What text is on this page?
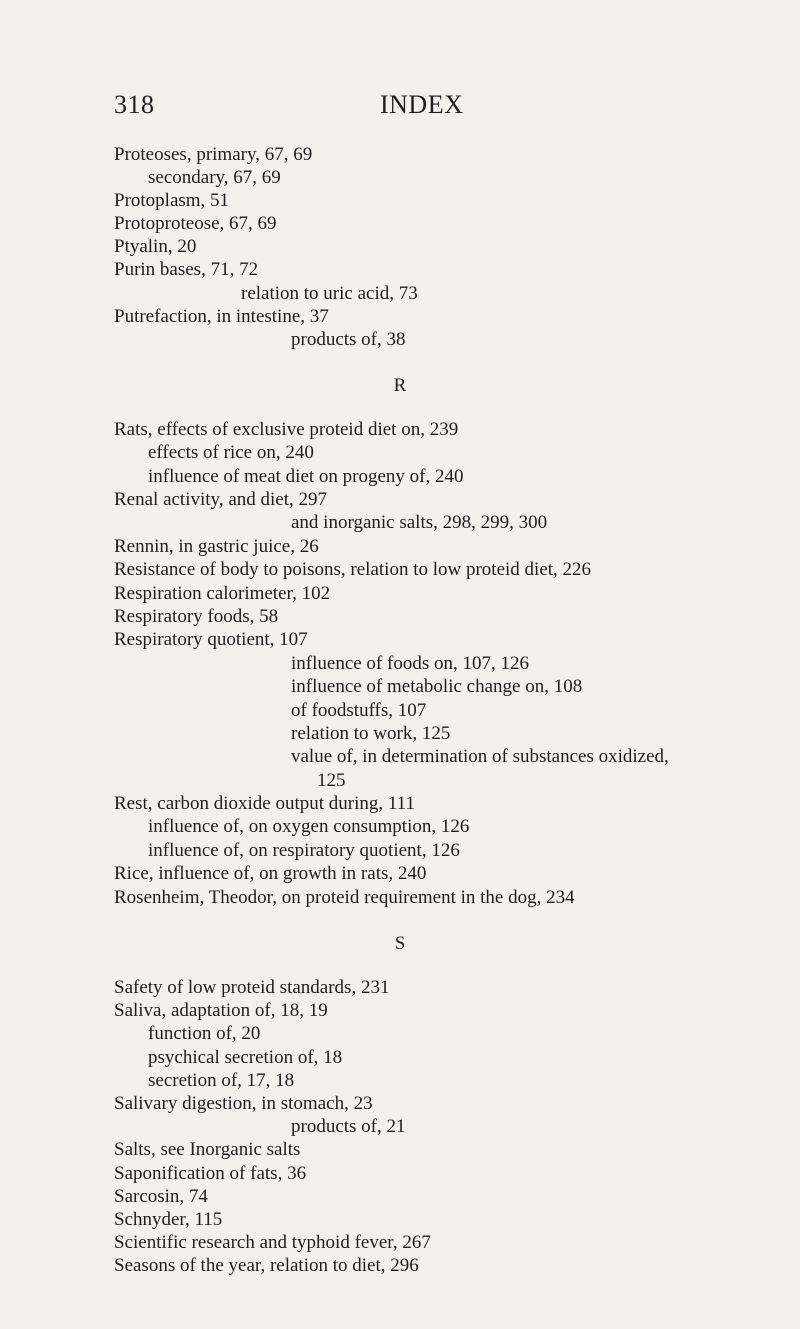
318	INDEX
Proteoses, primary, 67, 69
secondary, 67, 69
Protoplasm, 51
Protoproteose, 67, 69
Ptyalin, 20
Purin bases, 71, 72
relation to uric acid, 73
Putrefaction, in intestine, 37
products of, 38
R
Rats, effects of exclusive proteid diet on, 239
effects of rice on, 240
influence of meat diet on progeny of, 240
Renal activity, and diet, 297
and inorganic salts, 298, 299, 300
Rennin, in gastric juice, 26
Resistance of body to poisons, relation to low proteid diet, 226
Respiration calorimeter, 102
Respiratory foods, 58
Respiratory quotient, 107
influence of foods on, 107, 126
influence of metabolic change on, 108
of foodstuffs, 107
relation to work, 125
value of, in determination of substances oxidized,
125
Rest, carbon dioxide output during, 111
influence of, on oxygen consumption, 126
influence of, on respiratory quotient, 126
Rice, influence of, on growth in rats, 240
Rosenheim, Theodor, on proteid requirement in the dog, 234
S
Safety of low proteid standards, 231
Saliva, adaptation of, 18, 19
function of, 20
psychical secretion of, 18
secretion of, 17, 18
Salivary digestion, in stomach, 23
products of, 21
Salts, see Inorganic salts
Saponification of fats, 36
Sarcosin, 74
Schnyder, 115
Scientific research and typhoid fever, 267
Seasons of the year, relation to diet, 296
